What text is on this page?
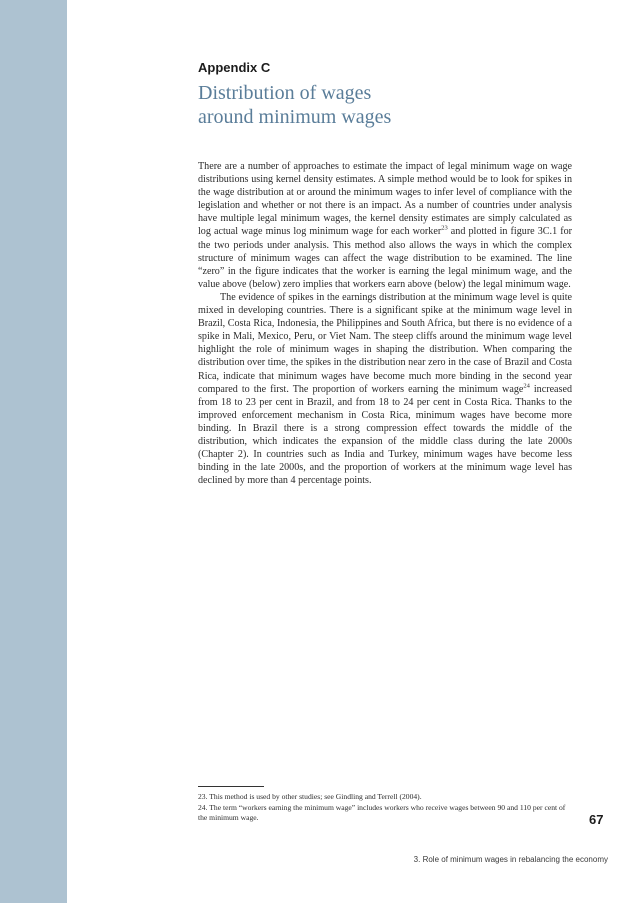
Appendix C
Distribution of wages
around minimum wages

There are a number of approaches to estimate the impact of legal minimum wage on wage distributions using kernel density estimates. A simple method would be to look for spikes in the wage distribution at or around the minimum wages to infer level of compliance with the legislation and whether or not there is an impact. As a number of countries under analysis have multiple legal minimum wages, the kernel density estimates are simply calculated as log actual wage minus log minimum wage for each worker$^{23}$ and plotted in figure 3C.1 for the two periods under analysis. This method also allows the ways in which the complex structure of minimum wages can affect the wage distribution to be examined. The line “zero” in the figure indicates that the worker is earning the legal minimum wage, and the value above (below) zero implies that workers earn above (below) the legal minimum wage.

The evidence of spikes in the earnings distribution at the minimum wage level is quite mixed in developing countries. There is a significant spike at the minimum wage level in Brazil, Costa Rica, Indonesia, the Philippines and South Africa, but there is no evidence of a spike in Mali, Mexico, Peru, or Viet Nam. The steep cliffs around the minimum wage level highlight the role of minimum wages in shaping the distribution. When comparing the distribution over time, the spikes in the distribution near zero in the case of Brazil and Costa Rica, indicate that minimum wages have become much more binding in the second year compared to the first. The proportion of workers earning the minimum wage$^{24}$ increased from 18 to 23 per cent in Brazil, and from 18 to 24 per cent in Costa Rica. Thanks to the improved enforcement mechanism in Costa Rica, minimum wages have become more binding. In Brazil there is a strong compression effect towards the middle of the distribution, which indicates the expansion of the middle class during the late 2000s (Chapter 2). In countries such as India and Turkey, minimum wages have become less binding in the late 2000s, and the proportion of workers at the minimum wage level has declined by more than 4 percentage points.

23. This method is used by other studies; see Gindling and Terrell (2004).
24. The term “workers earning the minimum wage” includes workers who receive wages between 90 and 110 per cent of the minimum wage.	67
3. Role of minimum wages in rebalancing the economy
